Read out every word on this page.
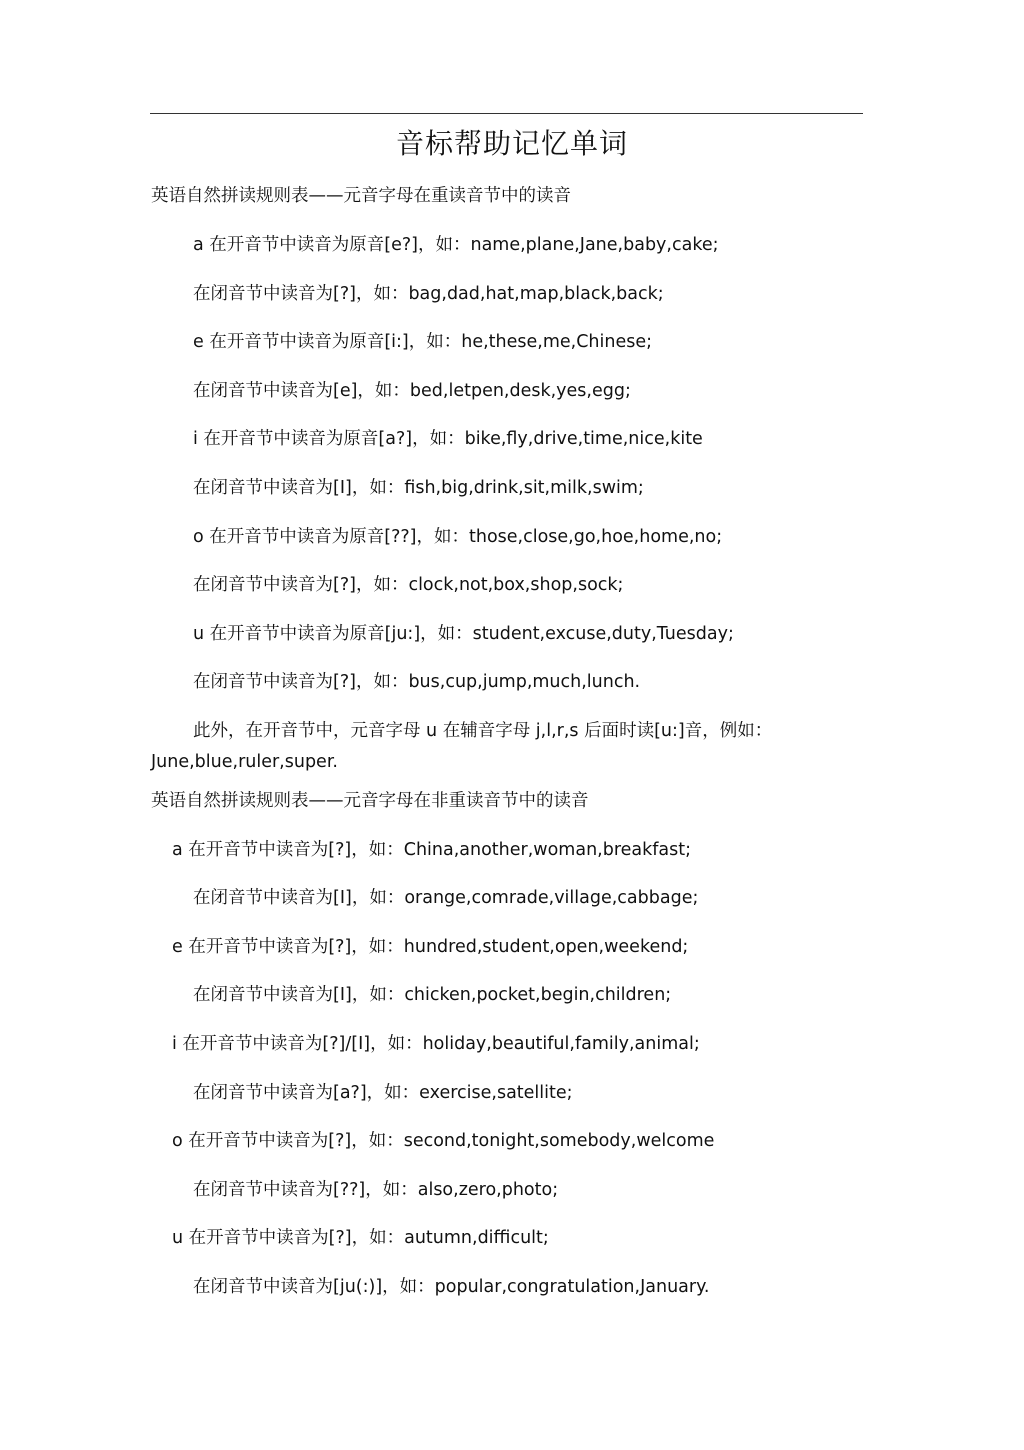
音标帮助记忆单词
英语自然拼读规则表——元音字母在重读音节中的读音
a 在开音节中读音为原音[e?]，如：name,plane,Jane,baby,cake;
在闭音节中读音为[?]，如：bag,dad,hat,map,black,back;
e 在开音节中读音为原音[i:]，如：he,these,me,Chinese;
在闭音节中读音为[e]，如：bed,letpen,desk,yes,egg;
i 在开音节中读音为原音[a?]，如：bike,fly,drive,time,nice,kite
在闭音节中读音为[I]，如：fish,big,drink,sit,milk,swim;
o 在开音节中读音为原音[??]，如：those,close,go,hoe,home,no;
在闭音节中读音为[?]，如：clock,not,box,shop,sock;
u 在开音节中读音为原音[ju:]，如：student,excuse,duty,Tuesday;
在闭音节中读音为[?]，如：bus,cup,jump,much,lunch.
此外，在开音节中，元音字母 u 在辅音字母 j,l,r,s 后面时读[u:]音，例如：
June,blue,ruler,super.
英语自然拼读规则表——元音字母在非重读音节中的读音
a 在开音节中读音为[?]，如：China,another,woman,breakfast;
在闭音节中读音为[I]，如：orange,comrade,village,cabbage;
e 在开音节中读音为[?]，如：hundred,student,open,weekend;
在闭音节中读音为[I]，如：chicken,pocket,begin,children;
i 在开音节中读音为[?]/[I]，如：holiday,beautiful,family,animal;
在闭音节中读音为[a?]，如：exercise,satellite;
o 在开音节中读音为[?]，如：second,tonight,somebody,welcome
在闭音节中读音为[??]，如：also,zero,photo;
u 在开音节中读音为[?]，如：autumn,difficult;
在闭音节中读音为[ju(:)]，如：popular,congratulation,January.
